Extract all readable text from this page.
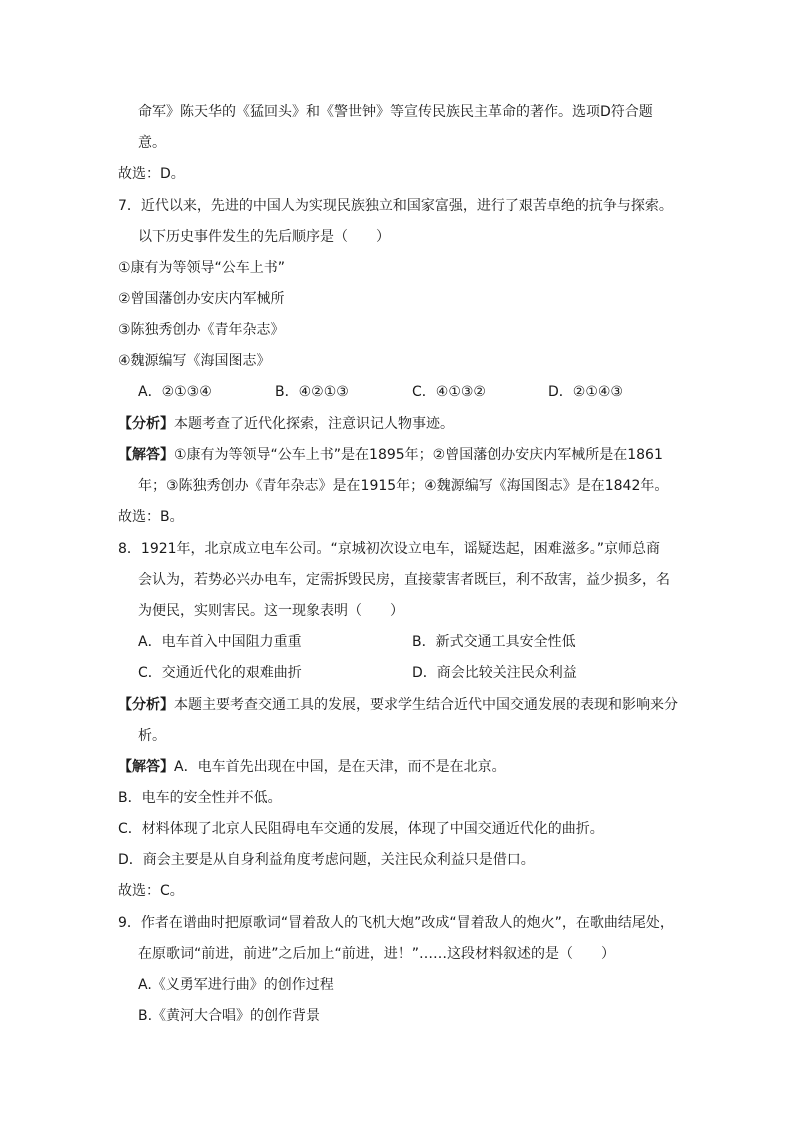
命军》陈天华的《猛回头》和《警世钟》等宣传民族民主革命的著作。选项D符合题
意。
故选：D。
7．近代以来，先进的中国人为实现民族独立和国家富强，进行了艰苦卓绝的抗争与探索。
以下历史事件发生的先后顺序是（　　）
①康有为等领导“公车上书”
②曾国藩创办安庆内军械所
③陈独秀创办《青年杂志》
④魏源编写《海国图志》
A．②①③④	B．④②①③	C．④①③②	D．②①④③
【分析】本题考查了近代化探索，注意识记人物事迹。
【解答】①康有为等领导“公车上书”是在1895年；②曾国藩创办安庆内军械所是在1861
年；③陈独秀创办《青年杂志》是在1915年；④魏源编写《海国图志》是在1842年。
故选：B。
8．1921年，北京成立电车公司。“京城初次设立电车，谣疑迭起，困难滋多。”京师总商
会认为，若势必兴办电车，定需拆毁民房，直接蒙害者既巨，利不敌害，益少损多，名
为便民，实则害民。这一现象表明（　　）
A．电车首入中国阻力重重	B．新式交通工具安全性低
C．交通近代化的艰难曲折	D．商会比较关注民众利益
【分析】本题主要考查交通工具的发展，要求学生结合近代中国交通发展的表现和影响来分
析。
【解答】A．电车首先出现在中国，是在天津，而不是在北京。
B．电车的安全性并不低。
C．材料体现了北京人民阻碍电车交通的发展，体现了中国交通近代化的曲折。
D．商会主要是从自身利益角度考虑问题，关注民众利益只是借口。
故选：C。
9．作者在谱曲时把原歌词“冒着敌人的飞机大炮”改成“冒着敌人的炮火”，在歌曲结尾处，
在原歌词“前进，前进”之后加上“前进，进！”……这段材料叙述的是（　　）
A.《义勇军进行曲》的创作过程
B.《黄河大合唱》的创作背景
